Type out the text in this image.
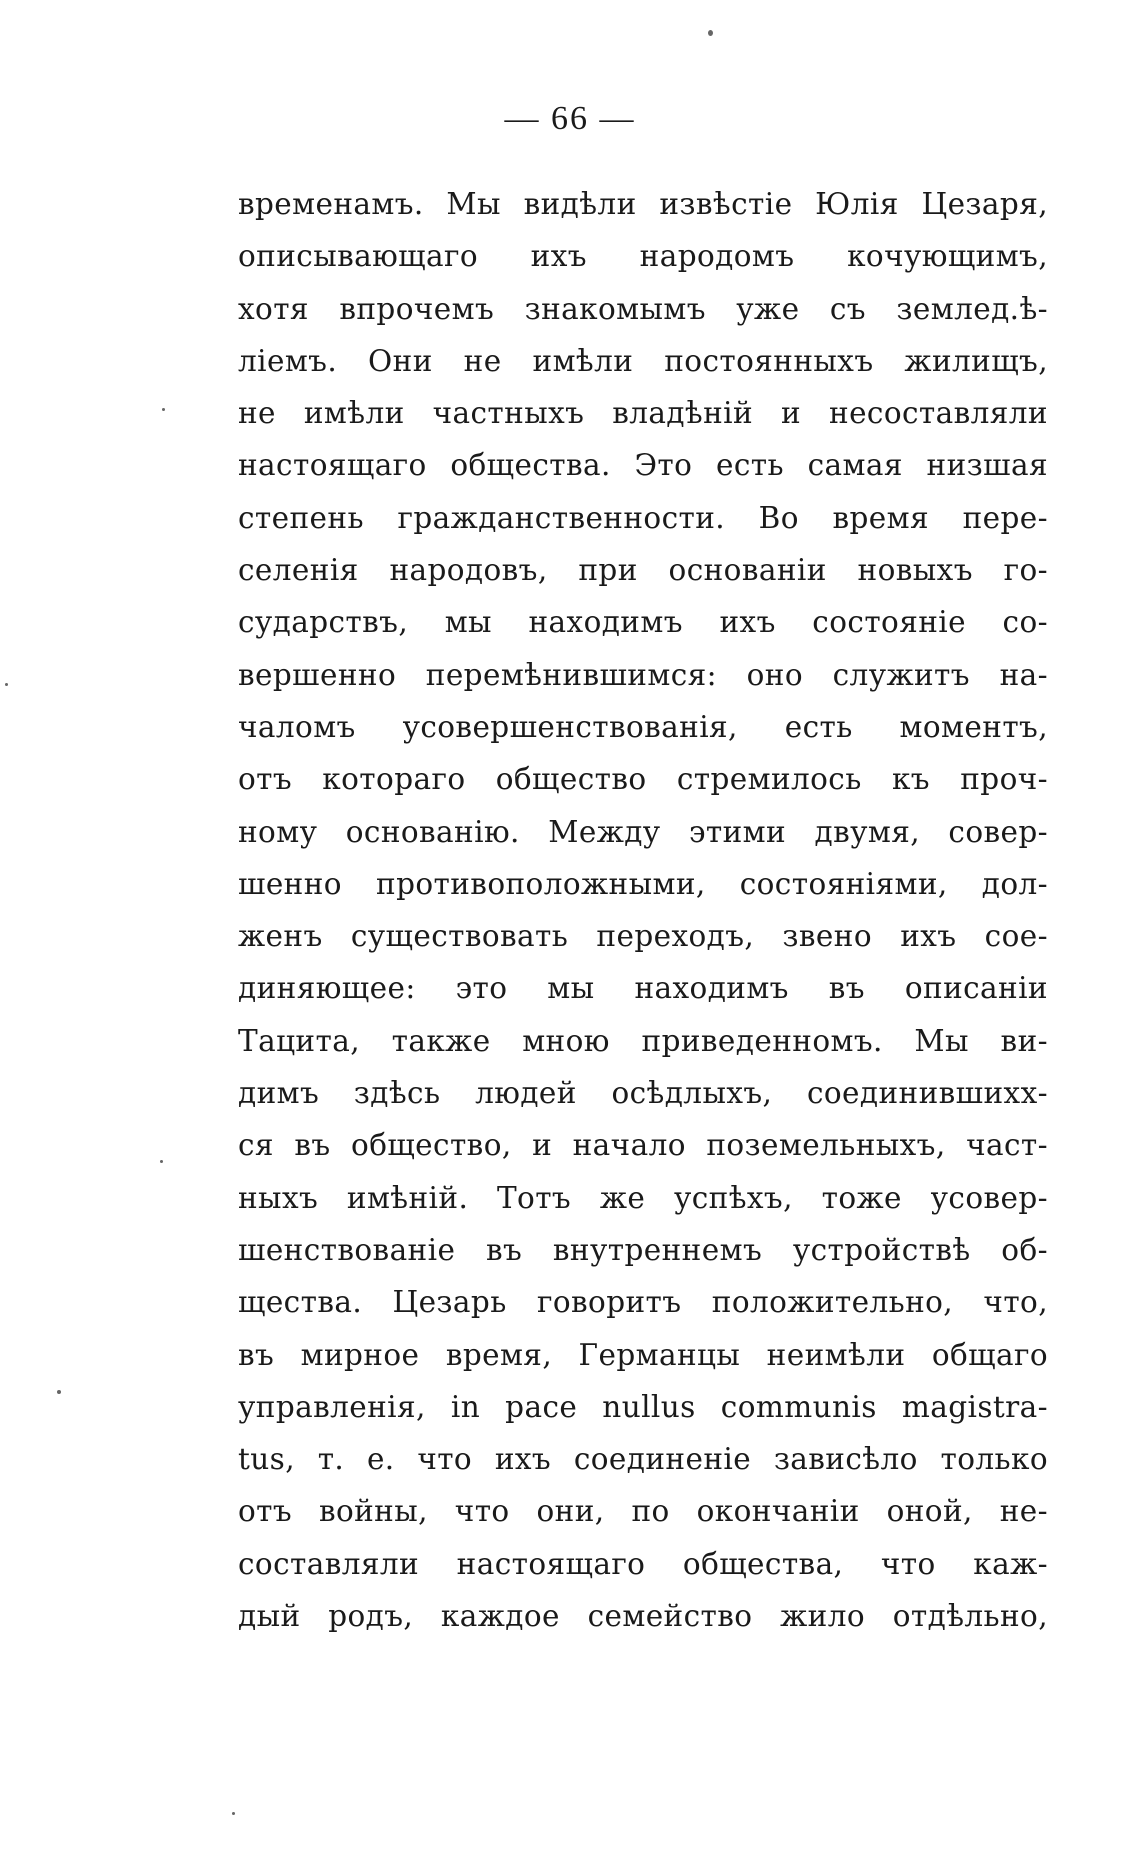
— 66 —
временамъ. Мы видѣли извѣстіе Юлія Цезаря,
описывающаго ихъ народомъ кочующимъ,
хотя впрочемъ знакомымъ уже съ землед.ѣ-
ліемъ. Они не имѣли постоянныхъ жилищъ,
не имѣли частныхъ владѣній и несоставляли
настоящаго общества. Это есть самая низшая
степень гражданственности. Во время пере-
селенія народовъ, при основаніи новыхъ го-
сударствъ, мы находимъ ихъ состояніе со-
вершенно перемѣнившимся: оно служитъ на-
чаломъ усовершенствованія, есть моментъ,
отъ котораго общество стремилось къ проч-
ному основанію. Между этими двумя, совер-
шенно противоположными, состояніями, дол-
женъ существовать переходъ, звено ихъ сое-
диняющее: это мы находимъ въ описаніи
Тацита, также мною приведенномъ. Мы ви-
димъ здѣсь людей осѣдлыхъ, соединившихх-
ся въ общество, и начало поземельныхъ, част-
ныхъ имѣній. Тотъ же успѣхъ, тоже усовер-
шенствованіе въ внутреннемъ устройствѣ об-
щества. Цезарь говоритъ положительно, что,
въ мирное время, Германцы неимѣли общаго
управленія, in pace nullus communis magistra-
tus, т. е. что ихъ соединеніе зависѣло только
отъ войны, что они, по окончаніи оной, не-
составляли настоящаго общества, что каж-
дый родъ, каждое семейство жило отдѣльно,
